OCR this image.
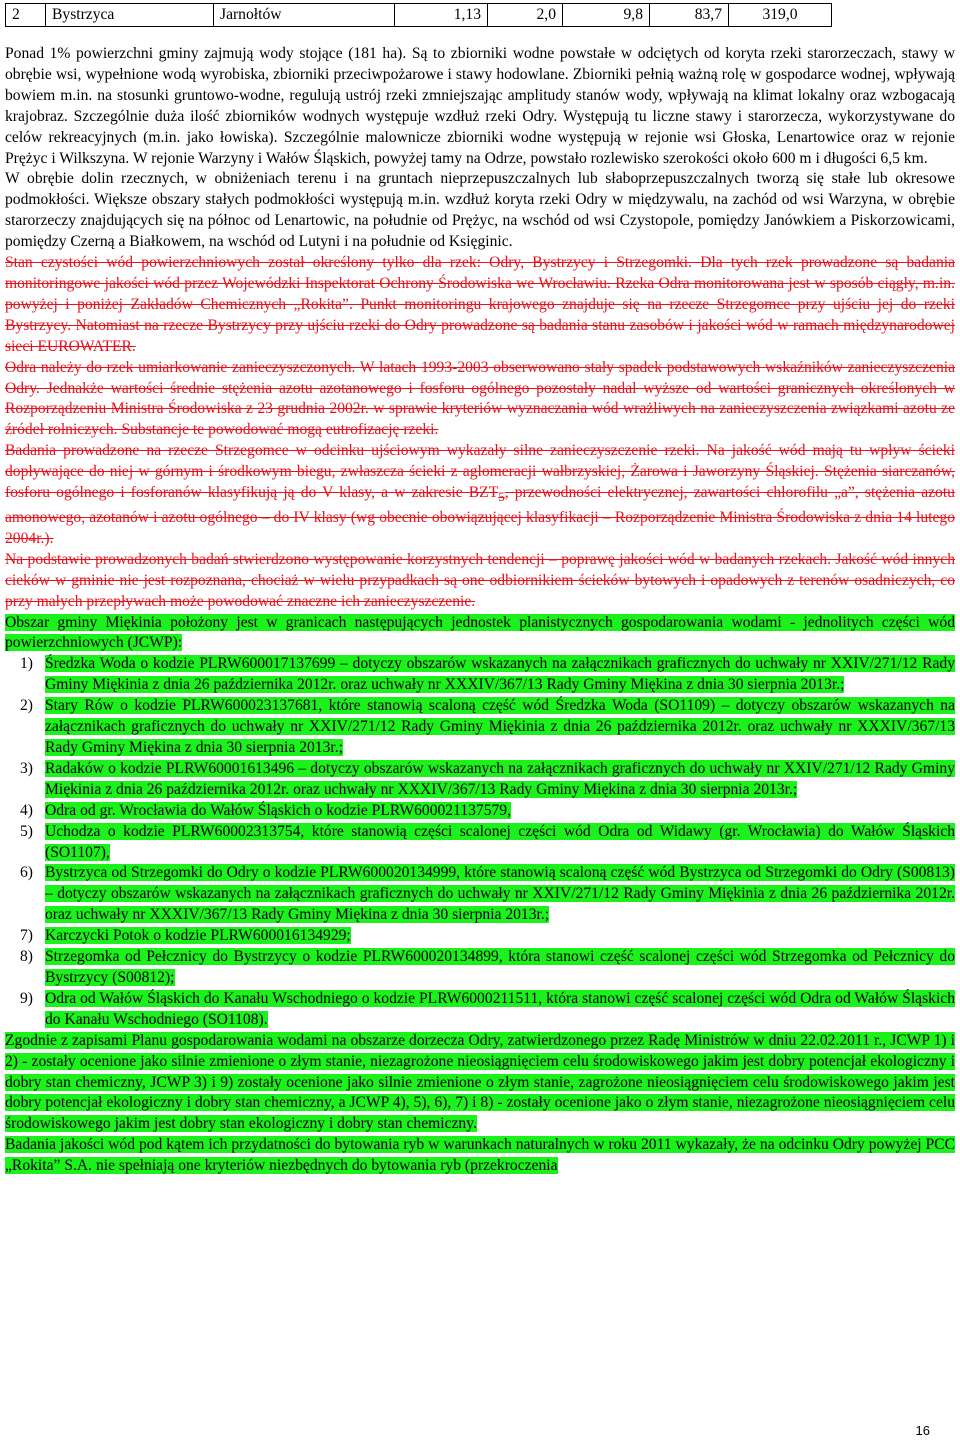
2	Bystrzyca	Jarnołtów	1,13	2,0	9,8	83,7	319,0

Ponad 1% powierzchni gminy zajmują wody stojące (181 ha). Są to zbiorniki wodne powstałe w odciętych od koryta rzeki starorzeczach, stawy w obrębie wsi, wypełnione wodą wyrobiska, zbiorniki przeciwpożarowe i stawy hodowlane. Zbiorniki pełnią ważną rolę w gospodarce wodnej, wpływają bowiem m.in. na stosunki gruntowo-wodne, regulują ustrój rzeki zmniejszając amplitudy stanów wody, wpływają na klimat lokalny oraz wzbogacają krajobraz. Szczególnie duża ilość zbiorników wodnych występuje wzdłuż rzeki Odry. Występują tu liczne stawy i starorzecza, wykorzystywane do celów rekreacyjnych (m.in. jako łowiska). Szczególnie malownicze zbiorniki wodne występują w rejonie wsi Głoska, Lenartowice oraz w rejonie Prężyc i Wilkszyna. W rejonie Warzyny i Wałów Śląskich, powyżej tamy na Odrze, powstało rozlewisko szerokości około 600 m i długości 6,5 km.

W obrębie dolin rzecznych, w obniżeniach terenu i na gruntach nieprzepuszczalnych lub słaboprzepuszczalnych tworzą się stałe lub okresowe podmokłości. Większe obszary stałych podmokłości występują m.in. wzdłuż koryta rzeki Odry w międzywalu, na zachód od wsi Warzyna, w obrębie starorzeczy znajdujących się na północ od Lenartowic, na południe od Prężyc, na wschód od wsi Czystopole, pomiędzy Janówkiem a Piskorzowicami, pomiędzy Czerną a Białkowem, na wschód od Lutyni i na południe od Księginic.

Stan czystości wód powierzchniowych został określony tylko dla rzek: Odry, Bystrzycy i Strzegomki. Dla tych rzek prowadzone są badania monitoringowe jakości wód przez Wojewódzki Inspektorat Ochrony Środowiska we Wrocławiu. Rzeka Odra monitorowana jest w sposób ciągły, m.in. powyżej i poniżej Zakładów Chemicznych „Rokita”. Punkt monitoringu krajowego znajduje się na rzecze Strzegomce przy ujściu jej do rzeki Bystrzycy. Natomiast na rzecze Bystrzycy przy ujściu rzeki do Odry prowadzone są badania stanu zasobów i jakości wód w ramach międzynarodowej sieci EUROWATER.

Odra należy do rzek umiarkowanie zanieczyszczonych. W latach 1993-2003 obserwowano stały spadek podstawowych wskaźników zanieczyszczenia Odry. Jednakże wartości średnie stężenia azotu azotanowego i fosforu ogólnego pozostały nadal wyższe od wartości granicznych określonych w Rozporządzeniu Ministra Środowiska z 23 grudnia 2002r. w sprawie kryteriów wyznaczania wód wrażliwych na zanieczyszczenia związkami azotu ze źródeł rolniczych. Substancje te powodować mogą eutrofizację rzeki.

Badania prowadzone na rzecze Strzegomce w odcinku ujściowym wykazały silne zanieczyszczenie rzeki. Na jakość wód mają tu wpływ ścieki dopływające do niej w górnym i środkowym biegu, zwłaszcza ścieki z aglomeracji wałbrzyskiej, Żarowa i Jaworzyny Śląskiej. Stężenia siarczanów, fosforu ogólnego i fosforanów klasyfikują ją do V klasy, a w zakresie $BZT_5$, przewodności elektrycznej, zawartości chlorofilu „a”, stężenia azotu amonowego, azotanów i azotu ogólnego – do IV klasy (wg obecnie obowiązującej klasyfikacji – Rozporządzenie Ministra Środowiska z dnia 14 lutego 2004r.).

Na podstawie prowadzonych badań stwierdzono występowanie korzystnych tendencji – poprawę jakości wód w badanych rzekach. Jakość wód innych cieków w gminie nie jest rozpoznana, chociaż w wielu przypadkach są one odbiornikiem ścieków bytowych i opadowych z terenów osadniczych, co przy małych przepływach może powodować znaczne ich zanieczyszczenie.

Obszar gminy Miękinia położony jest w granicach następujących jednostek planistycznych gospodarowania wodami - jednolitych części wód powierzchniowych (JCWP):

1) Średzka Woda o kodzie PLRW600017137699 – dotyczy obszarów wskazanych na załącznikach graficznych do uchwały nr XXIV/271/12 Rady Gminy Miękinia z dnia 26 października 2012r. oraz uchwały nr XXXIV/367/13 Rady Gminy Miękina z dnia 30 sierpnia 2013r.;
2) Stary Rów o kodzie PLRW600023137681, które stanowią scaloną część wód Średzka Woda (SO1109) – dotyczy obszarów wskazanych na załącznikach graficznych do uchwały nr XXIV/271/12 Rady Gminy Miękinia z dnia 26 października 2012r. oraz uchwały nr XXXIV/367/13 Rady Gminy Miękina z dnia 30 sierpnia 2013r.;
3) Radaków o kodzie PLRW60001613496 – dotyczy obszarów wskazanych na załącznikach graficznych do uchwały nr XXIV/271/12 Rady Gminy Miękinia z dnia 26 października 2012r. oraz uchwały nr XXXIV/367/13 Rady Gminy Miękina z dnia 30 sierpnia 2013r.;
4) Odra od gr. Wrocławia do Wałów Śląskich o kodzie PLRW600021137579,
5) Uchodza o kodzie PLRW60002313754, które stanowią części scalonej części wód Odra od Widawy (gr. Wrocławia) do Wałów Śląskich (SO1107),
6) Bystrzyca od Strzegomki do Odry o kodzie PLRW600020134999, które stanowią scaloną część wód Bystrzyca od Strzegomki do Odry (S00813) – dotyczy obszarów wskazanych na załącznikach graficznych do uchwały nr XXIV/271/12 Rady Gminy Miękinia z dnia 26 października 2012r. oraz uchwały nr XXXIV/367/13 Rady Gminy Miękina z dnia 30 sierpnia 2013r.;
7) Karczycki Potok o kodzie PLRW600016134929;
8) Strzegomka od Pełcznicy do Bystrzycy o kodzie PLRW600020134899, która stanowi część scalonej części wód Strzegomka od Pełcznicy do Bystrzycy (S00812);
9) Odra od Wałów Śląskich do Kanału Wschodniego o kodzie PLRW6000211511, która stanowi część scalonej części wód Odra od Wałów Śląskich do Kanału Wschodniego (SO1108).

Zgodnie z zapisami Planu gospodarowania wodami na obszarze dorzecza Odry, zatwierdzonego przez Radę Ministrów w dniu 22.02.2011 r., JCWP 1) i 2) - zostały ocenione jako silnie zmienione o złym stanie, niezagrożone nieosiągnięciem celu środowiskowego jakim jest dobry potencjał ekologiczny i dobry stan chemiczny, JCWP 3) i 9) zostały ocenione jako silnie zmienione o złym stanie, zagrożone nieosiągnięciem celu środowiskowego jakim jest dobry potencjał ekologiczny i dobry stan chemiczny, a JCWP 4), 5), 6), 7) i 8) - zostały ocenione jako o złym stanie, niezagrożone nieosiągnięciem celu środowiskowego jakim jest dobry stan ekologiczny i dobry stan chemiczny.

Badania jakości wód pod kątem ich przydatności do bytowania ryb w warunkach naturalnych w roku 2011 wykazały, że na odcinku Odry powyżej PCC „Rokita” S.A. nie spełniają one kryteriów niezbędnych do bytowania ryb (przekroczenia

16
